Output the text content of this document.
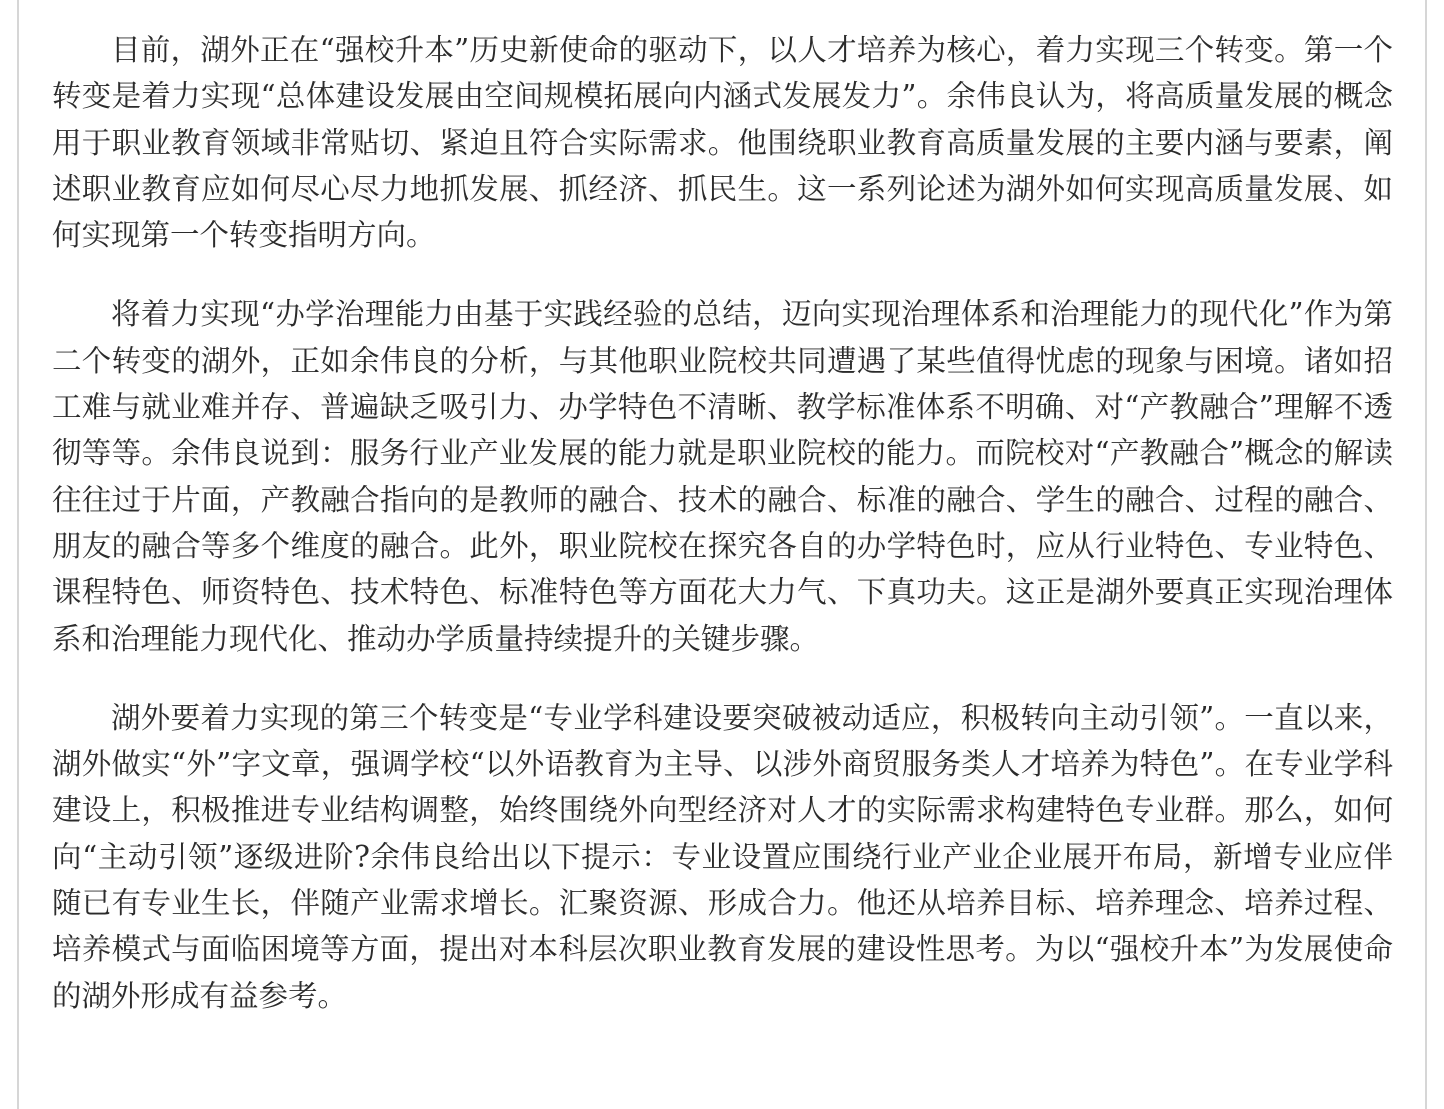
目前，湖外正在“强校升本”历史新使命的驱动下，以人才培养为核心，着力实现三个转变。第一个转变是着力实现“总体建设发展由空间规模拓展向内涵式发展发力”。余伟良认为，将高质量发展的概念用于职业教育领域非常贴切、紧迫且符合实际需求。他围绕职业教育高质量发展的主要内涵与要素，阐述职业教育应如何尽心尽力地抓发展、抓经济、抓民生。这一系列论述为湖外如何实现高质量发展、如何实现第一个转变指明方向。

将着力实现“办学治理能力由基于实践经验的总结，迈向实现治理体系和治理能力的现代化”作为第二个转变的湖外，正如余伟良的分析，与其他职业院校共同遭遇了某些值得忧虑的现象与困境。诸如招工难与就业难并存、普遍缺乏吸引力、办学特色不清晰、教学标准体系不明确、对“产教融合”理解不透彻等等。余伟良说到：服务行业产业发展的能力就是职业院校的能力。而院校对“产教融合”概念的解读往往过于片面，产教融合指向的是教师的融合、技术的融合、标准的融合、学生的融合、过程的融合、朋友的融合等多个维度的融合。此外，职业院校在探究各自的办学特色时，应从行业特色、专业特色、课程特色、师资特色、技术特色、标准特色等方面花大力气、下真功夫。这正是湖外要真正实现治理体系和治理能力现代化、推动办学质量持续提升的关键步骤。

湖外要着力实现的第三个转变是“专业学科建设要突破被动适应，积极转向主动引领”。一直以来，湖外做实“外”字文章，强调学校“以外语教育为主导、以涉外商贸服务类人才培养为特色”。在专业学科建设上，积极推进专业结构调整，始终围绕外向型经济对人才的实际需求构建特色专业群。那么，如何向“主动引领”逐级进阶?余伟良给出以下提示：专业设置应围绕行业产业企业展开布局，新增专业应伴随已有专业生长，伴随产业需求增长。汇聚资源、形成合力。他还从培养目标、培养理念、培养过程、培养模式与面临困境等方面，提出对本科层次职业教育发展的建设性思考。为以“强校升本”为发展使命的湖外形成有益参考。
